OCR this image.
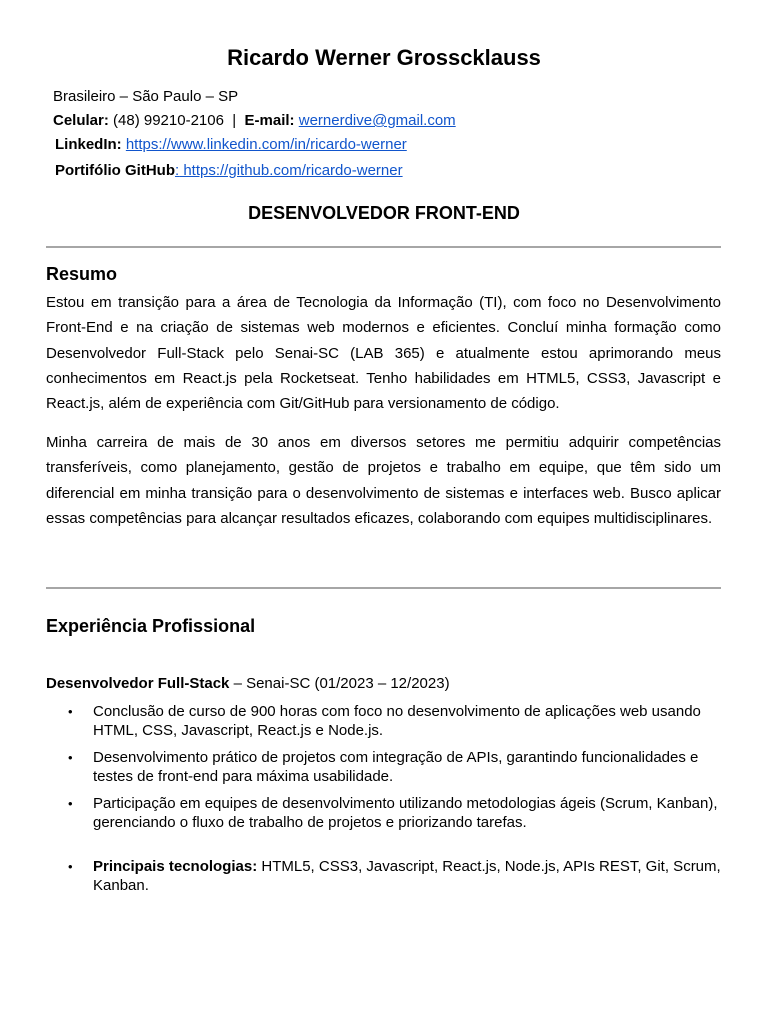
Ricardo Werner Grosscklauss
Brasileiro – São Paulo – SP
Celular: (48) 99210-2106 | E-mail: wernerdive@gmail.com
LinkedIn: https://www.linkedin.com/in/ricardo-werner
Portifólio GitHub: https://github.com/ricardo-werner
DESENVOLVEDOR FRONT-END
Resumo

Estou em transição para a área de Tecnologia da Informação (TI), com foco no Desenvolvimento Front-End e na criação de sistemas web modernos e eficientes. Concluí minha formação como Desenvolvedor Full-Stack pelo Senai-SC (LAB 365) e atualmente estou aprimorando meus conhecimentos em React.js pela Rocketseat. Tenho habilidades em HTML5, CSS3, Javascript e React.js, além de experiência com Git/GitHub para versionamento de código.

Minha carreira de mais de 30 anos em diversos setores me permitiu adquirir competências transferíveis, como planejamento, gestão de projetos e trabalho em equipe, que têm sido um diferencial em minha transição para o desenvolvimento de sistemas e interfaces web. Busco aplicar essas competências para alcançar resultados eficazes, colaborando com equipes multidisciplinares.

Experiência Profissional
Desenvolvedor Full-Stack – Senai-SC (01/2023 – 12/2023)
• Conclusão de curso de 900 horas com foco no desenvolvimento de aplicações web usando HTML, CSS, Javascript, React.js e Node.js.
• Desenvolvimento prático de projetos com integração de APIs, garantindo funcionalidades e testes de front-end para máxima usabilidade.
• Participação em equipes de desenvolvimento utilizando metodologias ágeis (Scrum, Kanban), gerenciando o fluxo de trabalho de projetos e priorizando tarefas.
• Principais tecnologias: HTML5, CSS3, Javascript, React.js, Node.js, APIs REST, Git, Scrum, Kanban.
